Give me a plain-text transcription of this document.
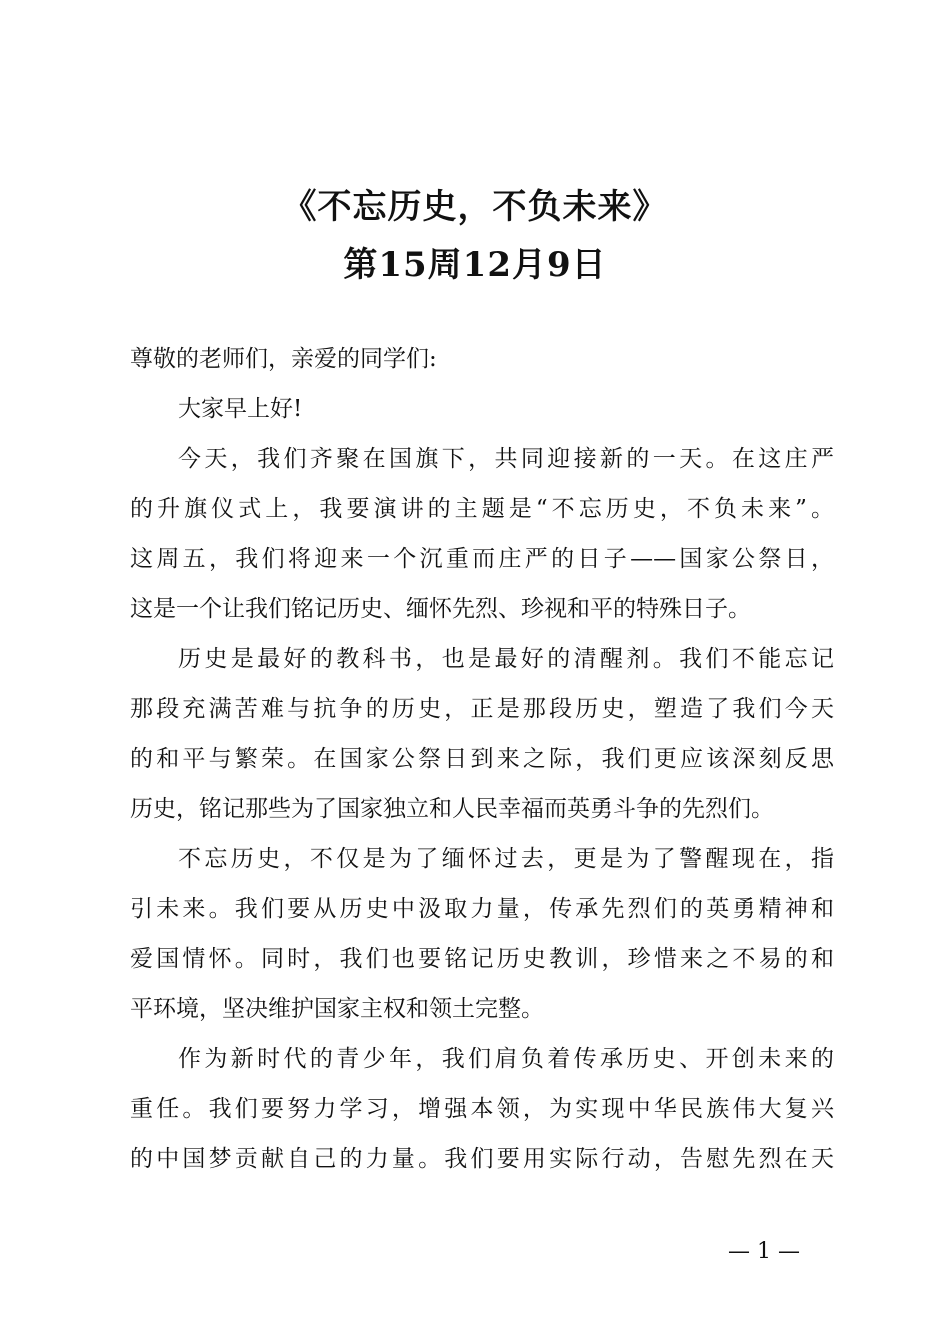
《不忘历史，不负未来》
第15周12月9日
尊敬的老师们，亲爱的同学们:
大家早上好!
今天，我们齐聚在国旗下，共同迎接新的一天。在这庄严
的升旗仪式上，我要演讲的主题是“不忘历史，不负未来”。
这周五，我们将迎来一个沉重而庄严的日子——国家公祭日，
这是一个让我们铭记历史、缅怀先烈、珍视和平的特殊日子。
历史是最好的教科书，也是最好的清醒剂。我们不能忘记
那段充满苦难与抗争的历史，正是那段历史，塑造了我们今天
的和平与繁荣。在国家公祭日到来之际，我们更应该深刻反思
历史，铭记那些为了国家独立和人民幸福而英勇斗争的先烈们。
不忘历史，不仅是为了缅怀过去，更是为了警醒现在，指
引未来。我们要从历史中汲取力量，传承先烈们的英勇精神和
爱国情怀。同时，我们也要铭记历史教训，珍惜来之不易的和
平环境，坚决维护国家主权和领土完整。
作为新时代的青少年，我们肩负着传承历史、开创未来的
重任。我们要努力学习，增强本领，为实现中华民族伟大复兴
的中国梦贡献自己的力量。我们要用实际行动，告慰先烈在天
— 1 —
